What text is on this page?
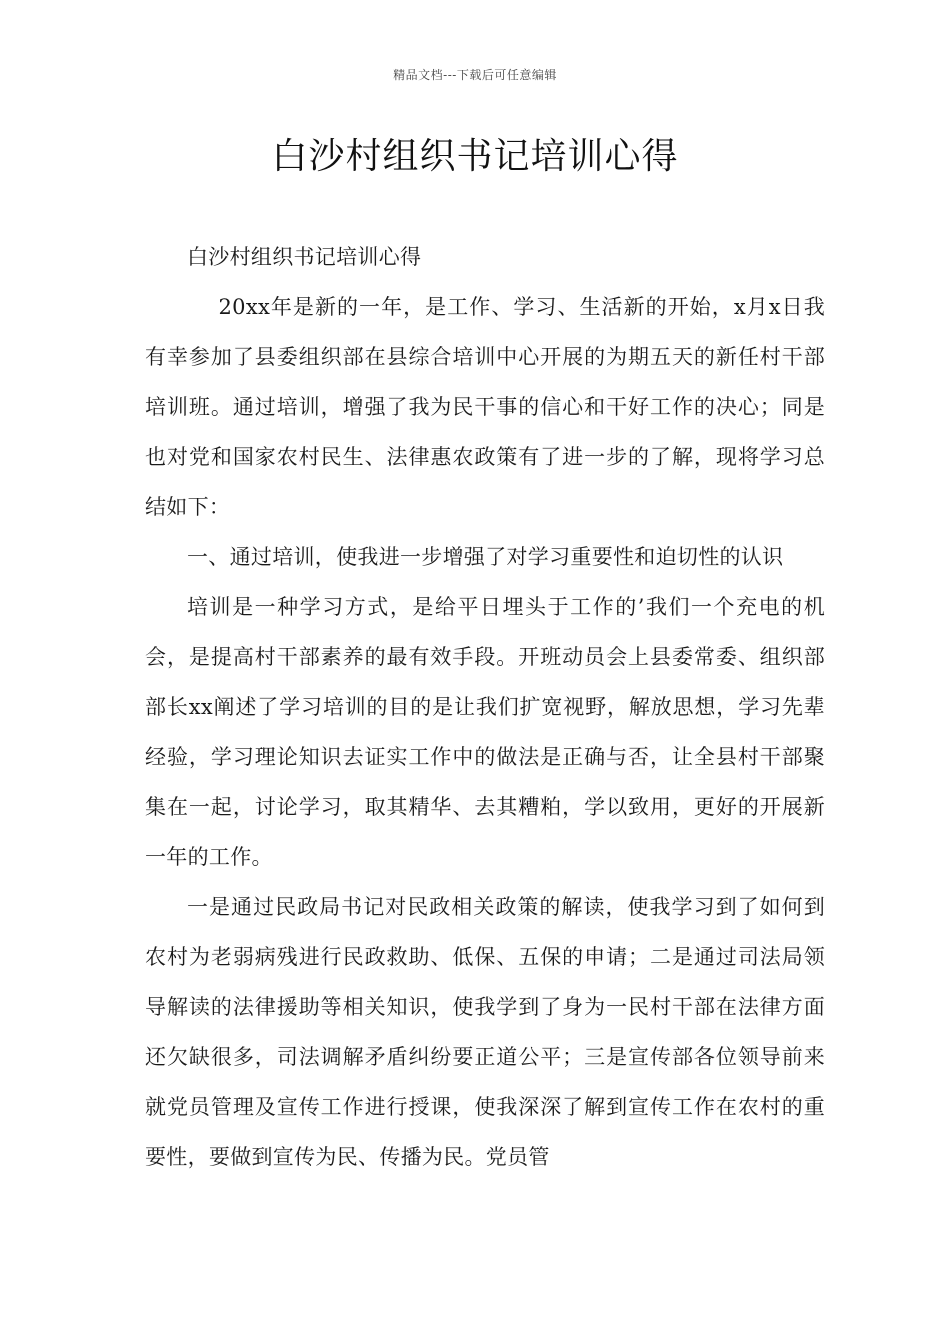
精品文档---下载后可任意编辑
白沙村组织书记培训心得

白沙村组织书记培训心得

20xx年是新的一年，是工作、学习、生活新的开始，x月x日我有幸参加了县委组织部在县综合培训中心开展的为期五天的新任村干部培训班。通过培训，增强了我为民干事的信心和干好工作的决心；同是也对党和国家农村民生、法律惠农政策有了进一步的了解，现将学习总结如下：

一、通过培训，使我进一步增强了对学习重要性和迫切性的认识

培训是一种学习方式，是给平日埋头于工作的’我们一个充电的机会，是提高村干部素养的最有效手段。开班动员会上县委常委、组织部部长xx阐述了学习培训的目的是让我们扩宽视野，解放思想，学习先辈经验，学习理论知识去证实工作中的做法是正确与否，让全县村干部聚集在一起，讨论学习，取其精华、去其糟粕，学以致用，更好的开展新一年的工作。

一是通过民政局书记对民政相关政策的解读，使我学习到了如何到农村为老弱病残进行民政救助、低保、五保的申请；二是通过司法局领导解读的法律援助等相关知识，使我学到了身为一民村干部在法律方面还欠缺很多，司法调解矛盾纠纷要正道公平；三是宣传部各位领导前来就党员管理及宣传工作进行授课，使我深深了解到宣传工作在农村的重要性，要做到宣传为民、传播为民。党员管
